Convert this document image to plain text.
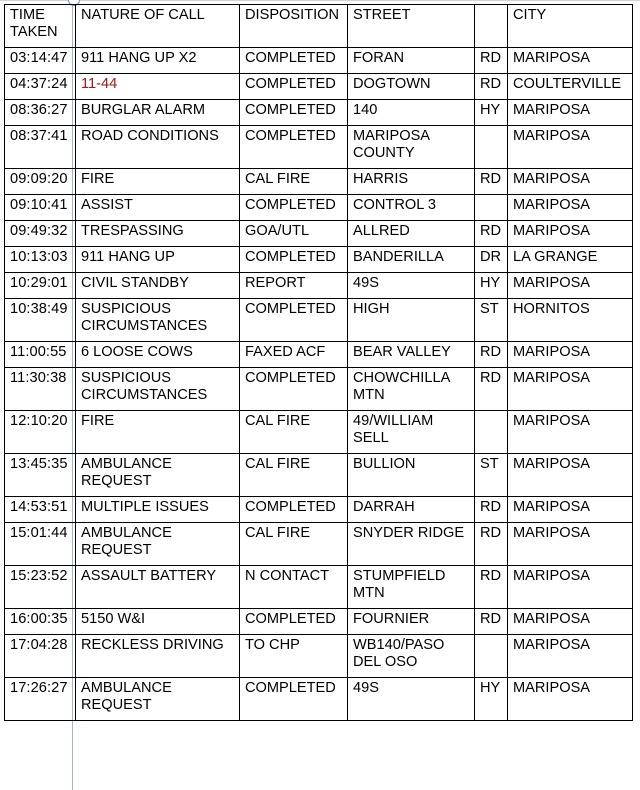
TIME
TAKEN	NATURE OF CALL	DISPOSITION	STREET		CITY
03:14:47	911 HANG UP X2	COMPLETED	FORAN	RD	MARIPOSA
04:37:24	11-44	COMPLETED	DOGTOWN	RD	COULTERVILLE
08:36:27	BURGLAR ALARM	COMPLETED	140	HY	MARIPOSA
08:37:41	ROAD CONDITIONS	COMPLETED	MARIPOSA COUNTY		MARIPOSA
09:09:20	FIRE	CAL FIRE	HARRIS	RD	MARIPOSA
09:10:41	ASSIST	COMPLETED	CONTROL 3		MARIPOSA
09:49:32	TRESPASSING	GOA/UTL	ALLRED	RD	MARIPOSA
10:13:03	911 HANG UP	COMPLETED	BANDERILLA	DR	LA GRANGE
10:29:01	CIVIL STANDBY	REPORT	49S	HY	MARIPOSA
10:38:49	SUSPICIOUS CIRCUMSTANCES	COMPLETED	HIGH	ST	HORNITOS
11:00:55	6 LOOSE COWS	FAXED ACF	BEAR VALLEY	RD	MARIPOSA
11:30:38	SUSPICIOUS CIRCUMSTANCES	COMPLETED	CHOWCHILLA MTN	RD	MARIPOSA
12:10:20	FIRE	CAL FIRE	49/WILLIAM SELL		MARIPOSA
13:45:35	AMBULANCE REQUEST	CAL FIRE	BULLION	ST	MARIPOSA
14:53:51	MULTIPLE ISSUES	COMPLETED	DARRAH	RD	MARIPOSA
15:01:44	AMBULANCE REQUEST	CAL FIRE	SNYDER RIDGE	RD	MARIPOSA
15:23:52	ASSAULT BATTERY	N CONTACT	STUMPFIELD MTN	RD	MARIPOSA
16:00:35	5150 W&I	COMPLETED	FOURNIER	RD	MARIPOSA
17:04:28	RECKLESS DRIVING	TO CHP	WB140/PASO DEL OSO		MARIPOSA
17:26:27	AMBULANCE REQUEST	COMPLETED	49S	HY	MARIPOSA
